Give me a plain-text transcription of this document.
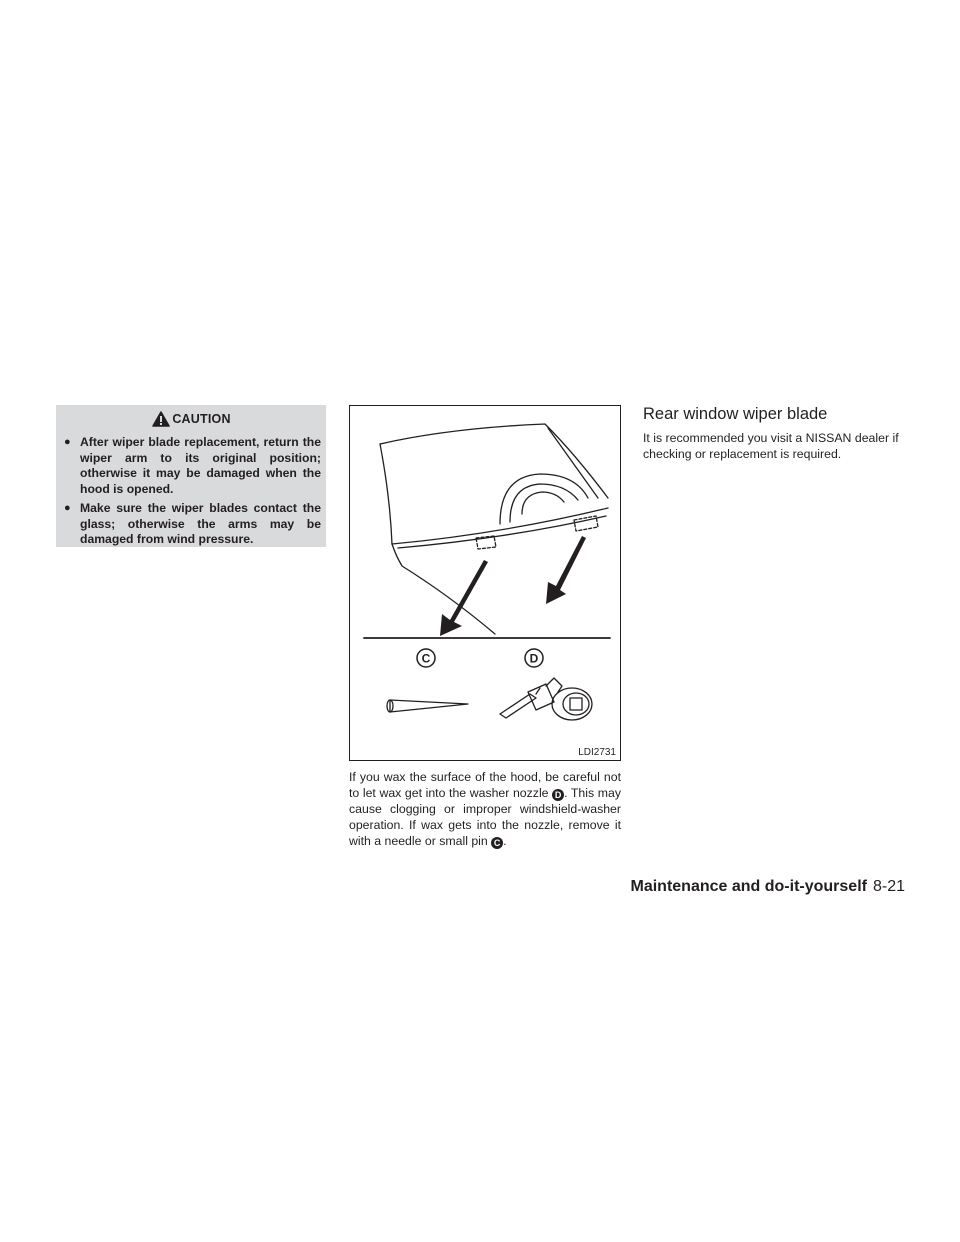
CAUTION
● After wiper blade replacement, return the wiper arm to its original position; otherwise it may be damaged when the hood is opened.
● Make sure the wiper blades contact the glass; otherwise the arms may be damaged from wind pressure.
C	D
LDI2731

If you wax the surface of the hood, be careful not to let wax get into the washer nozzle D . This may cause clogging or improper windshield-washer operation. If wax gets into the nozzle, remove it with a needle or small pin C .

Rear window wiper blade

It is recommended you visit a NISSAN dealer if checking or replacement is required.

Maintenance and do-it-yourself 8-21
